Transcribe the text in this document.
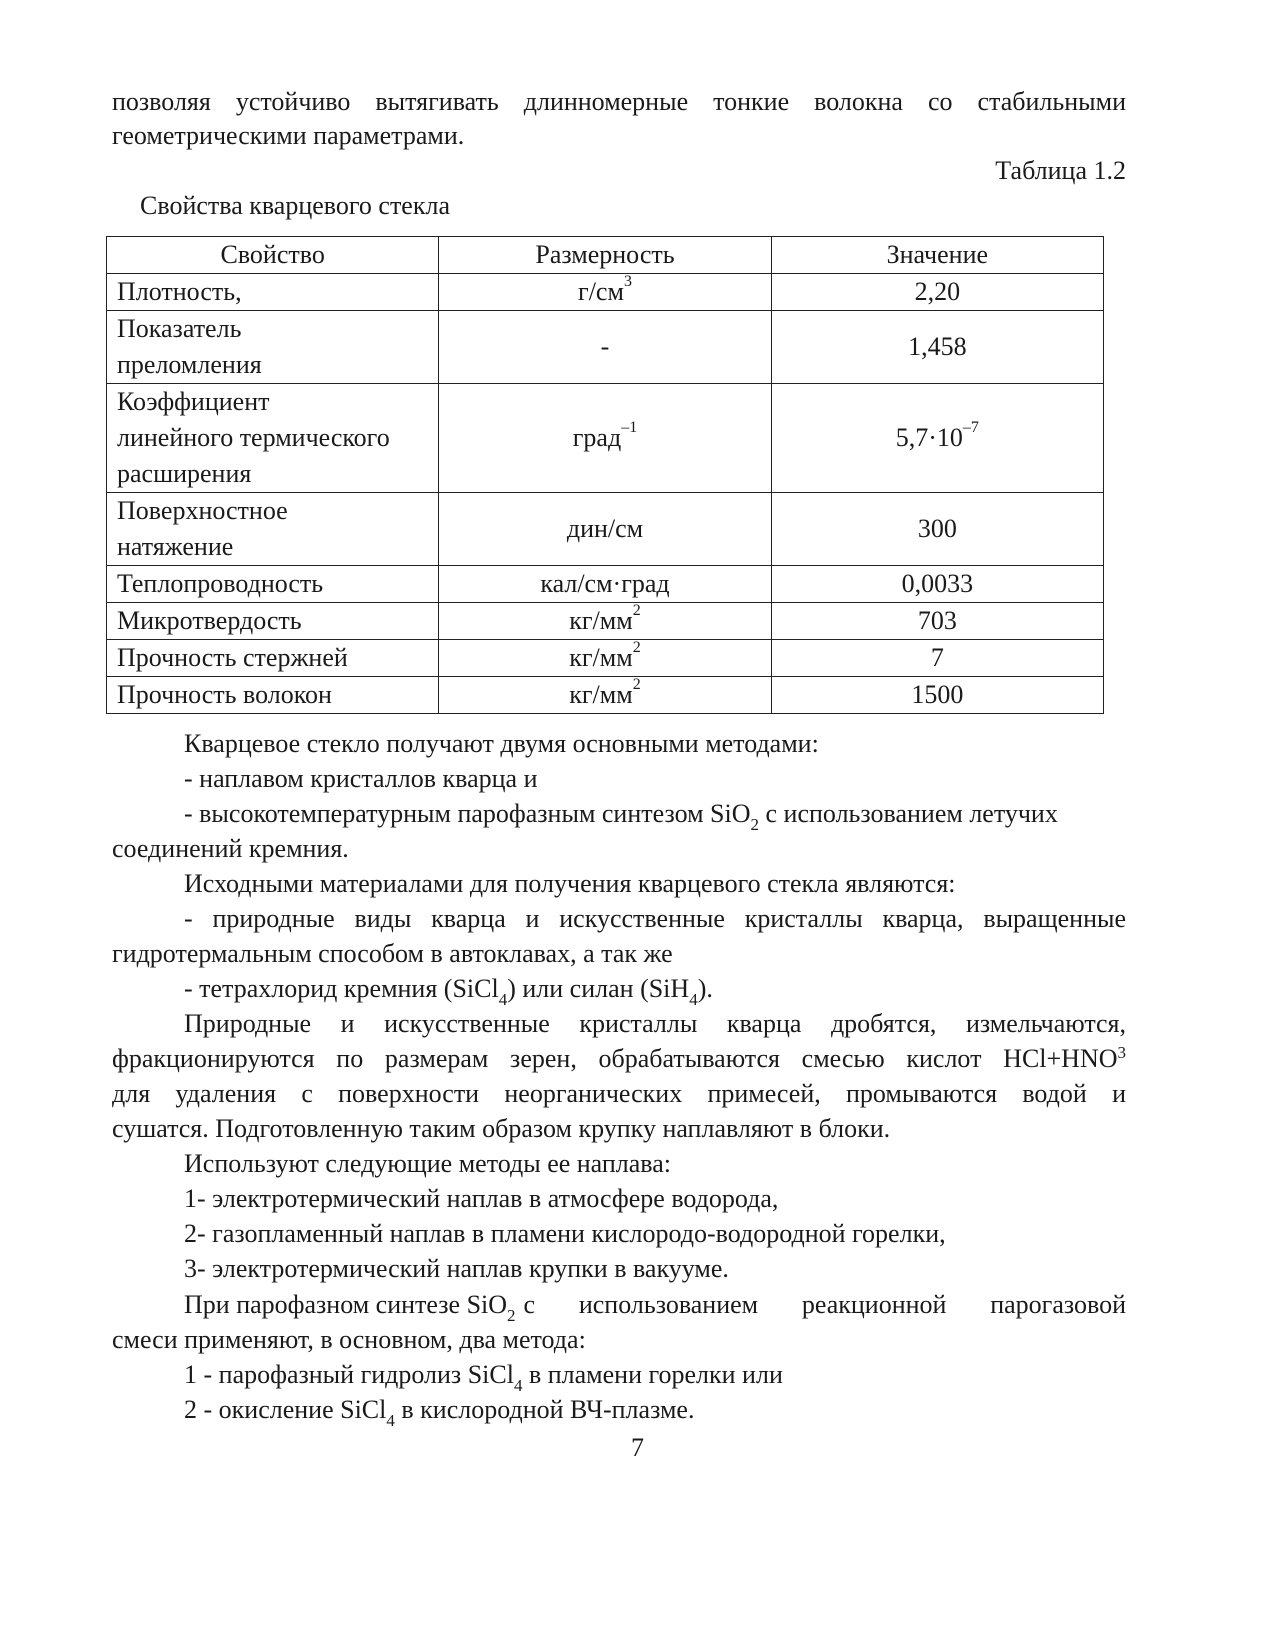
позволяя устойчиво вытягивать длинномерные тонкие волокна со стабильными
геометрическими параметрами.
Таблица 1.2
Свойства кварцевого стекла
Свойство	Размерность	Значение

Плотность,	$г/см^3$	2,20

Показатель
преломления	-	1,458

Коэффициент
линейного термического
расширения	град$^{-1}$	$5,7\cdot 10^{-7}$

Поверхностное
натяжение	дин/см	300

Теплопроводность	кал/см·град	0,0033

Микротвердость	$кг/мм^2$	703

Прочность стержней	$кг/мм^2$	7

Прочность волокон	$кг/мм^2$	1500
Кварцевое стекло получают двумя основными методами:
- наплавом кристаллов кварца и
- высокотемпературным парофазным синтезом SiO$_2$ с использованием летучих
соединений кремния.
Исходными материалами для получения кварцевого стекла являются:
- природные виды кварца и искусственные кристаллы кварца, выращенные
гидротермальным способом в автоклавах, а так же
- тетрахлорид кремния (SiCl$_4$) или силан (SiH$_4$).
Природные и искусственные кристаллы кварца дробятся, измельчаются,
фракционируются по размерам зерен, обрабатываются смесью кислот $HCl+HNO_3$
для удаления с поверхности неорганических примесей, промываются водой и
сушатся. Подготовленную таким образом крупку наплавляют в блоки.
Используют следующие методы ее наплава:
1- электротермический наплав в атмосфере водорода,
2- газопламенный наплав в пламени кислородо-водородной горелки,
3- электротермический наплав крупки в вакууме.
При парофазном синтезе SiO$_2$ с использованием реакционной парогазовой
смеси применяют, в основном, два метода:
1 - парофазный гидролиз SiCl$_4$ в пламени горелки или
2 - окисление SiCl$_4$ в кислородной ВЧ-плазме.
7
